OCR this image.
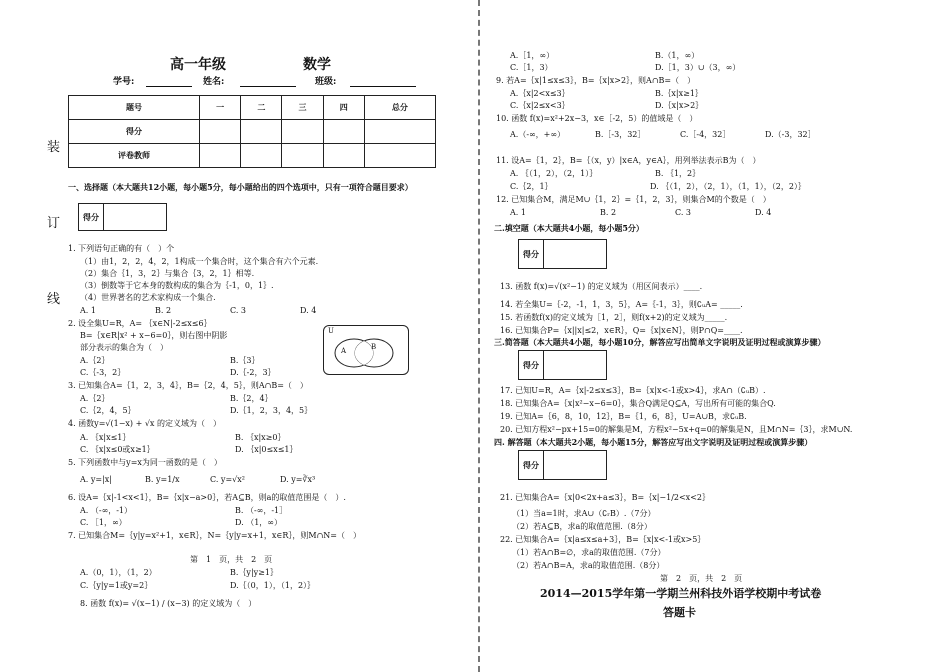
装
订
线
高一年级	数学
学号:	姓名:	班级:
题号	一	二	三	四	总分
得分					
评卷教师					
一、选择题（本大题共12小题，每小题5分，每小题给出的四个选项中，只有一项符合题目要求）
得分	
1. 下列语句正确的有（　）个
（1）由1，2，2，4，2，1构成一个集合时，这个集合有六个元素.
（2）集合｛1，3，2｝与集合｛3，2，1｝相等.
（3）倒数等于它本身的数构成的集合为｛-1，0，1｝.
（4）世界著名的艺术家构成一个集合.
A. 1	B. 2	C. 3	D. 4
2. 设全集U=R，A= ｛x∈N|-2≤x≤6｝
B=｛x∈R|x² + x−6=0｝，则右图中阴影
部分表示的集合为（　）
A.｛2｝	B.｛3｝
C.｛-3，2｝	D.｛-2，3｝
U
A	B
3. 已知集合A=｛1，2，3，4｝，B=｛2，4，5｝，则A∩B=（　）
A.｛2｝	B.｛2，4｝
C.｛2，4，5｝	D.｛1，2，3，4，5｝
4. 函数y=√(1−x) + √x 的定义域为（　）
A. ｛x|x≤1｝	B. ｛x|x≥0｝
C. ｛x|x≤0或x≥1｝	D. ｛x|0≤x≤1｝
5. 下列函数中与y=x为同一函数的是（　）
A. y=|x|	B. y=1/x	C. y=√x²	D. y=∛x³
6. 设A=｛x|-1<x<1｝，B=｛x|x−a>0｝，若A⊆B，则a的取值范围是（　）.
A. （-∞，-1）	B. （-∞，-1］
C. ［1，∞）	D. （1，∞）
7. 已知集合M=｛y|y=x²+1，x∈R｝，N=｛y|y=x+1，x∈R｝，则M∩N=（　）
第　1　页，共　2　页
A.（0，1），（1，2）	B.｛y|y≥1｝
C.｛y|y=1或y=2｝	D.｛（0，1），（1，2）｝
8. 函数 f(x)= √(x−1) / (x−3) 的定义域为（　）
A.［1，∞）	B.（1，∞）
C.［1，3）	D.［1，3）∪（3，∞）
9. 若A=｛x|1≤x≤3｝，B=｛x|x>2｝，则A∩B=（　）
A.｛x|2<x≤3｝	B.｛x|x≥1｝
C.｛x|2≤x<3｝	D.｛x|x>2｝
10. 函数 f(x)=x²+2x−3，x∈［-2，5）的值域是（　）
A.（-∞，+∞）	B.［-3，32］	C.［-4，32］	D.（-3，32］
11. 设A=｛1，2｝，B=｛（x，y）|x∈A，y∈A｝，用列举法表示B为（　）
A. ｛（1，2），（2，1）｝	B. ｛1，2｝
C.｛2，1｝	D. ｛（1，2），（2，1），（1，1），（2，2）｝
12. 已知集合M，满足M∪｛1，2｝=｛1，2，3｝，则集合M的个数是（　）
A. 1	B. 2	C. 3	D. 4
二.填空题（本大题共4小题，每小题5分）
得分	
13. 函数 f(x)=√(x²−1) 的定义域为（用区间表示）____.
14. 若全集U=｛-2，-1，1，3，5｝，A=｛-1，3｝，则∁ᵤA= _____.
15. 若函数f(x)的定义域为［1，2］，则f(x+2)的定义域为_____.
16. 已知集合P=｛x||x|≤2，x∈R｝，Q=｛x|x∈N｝，则P∩Q=____.
三.简答题（本大题共4小题，每小题10分，解答应写出简单文字说明及证明过程或演算步骤）
得分	
17. 已知U=R，A=｛x|-2≤x≤3｝，B=｛x|x<-1或x>4｝，求A∩（∁ᵤB）.
18. 已知集合A=｛x|x²−x−6=0｝，集合Q满足Q⊆A，写出所有可能的集合Q.
19. 已知A=｛6，8，10，12｝，B=｛1，6，8｝，U=A∪B，求∁ᵤB.
20. 已知方程x²−px+15=0的解集是M，方程x²−5x+q=0的解集是N，且M∩N=｛3｝，求M∪N.
四. 解答题（本大题共2小题，每小题15分，解答应写出文字说明及证明过程或演算步骤）
得分	
21. 已知集合A=｛x|0<2x+a≤3｝，B=｛x|−1/2<x<2｝
（1）当a=1时，求A∪（∁ᵣB）.（7分）
（2）若A⊆B，求a的取值范围.（8分）
22. 已知集合A=｛x|a≤x≤a+3｝，B=｛x|x<-1或x>5｝
（1）若A∩B=∅，求a的取值范围.（7分）
（2）若A∩B=A，求a的取值范围.（8分）
第　2　页，共　2　页
2014—2015学年第一学期兰州科技外语学校期中考试卷
答题卡
